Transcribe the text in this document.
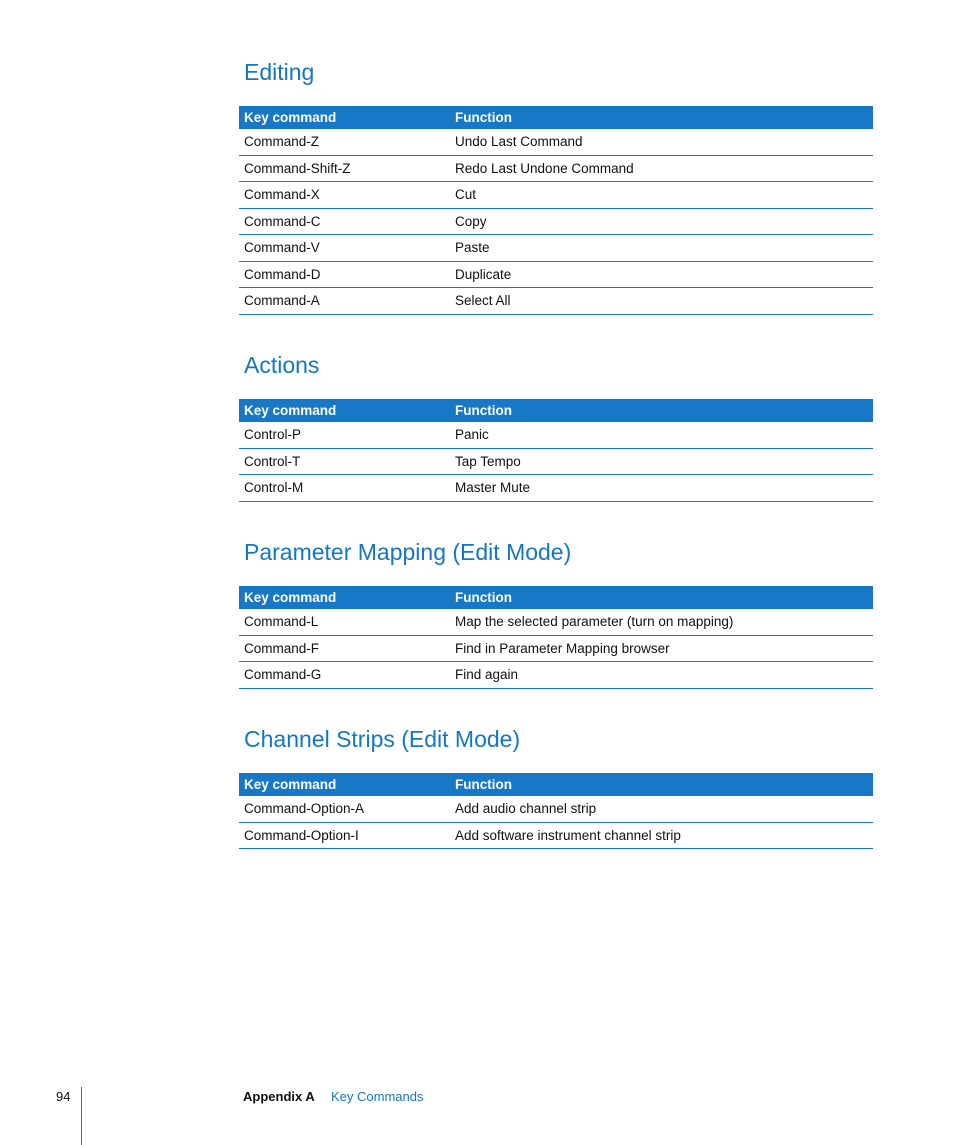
Editing
Key command	Function
Command-Z	Undo Last Command
Command-Shift-Z	Redo Last Undone Command
Command-X	Cut
Command-C	Copy
Command-V	Paste
Command-D	Duplicate
Command-A	Select All
Actions
Key command	Function
Control-P	Panic
Control-T	Tap Tempo
Control-M	Master Mute
Parameter Mapping (Edit Mode)
Key command	Function
Command-L	Map the selected parameter (turn on mapping)
Command-F	Find in Parameter Mapping browser
Command-G	Find again
Channel Strips (Edit Mode)
Key command	Function
Command-Option-A	Add audio channel strip
Command-Option-I	Add software instrument channel strip
94	Appendix A Key Commands
